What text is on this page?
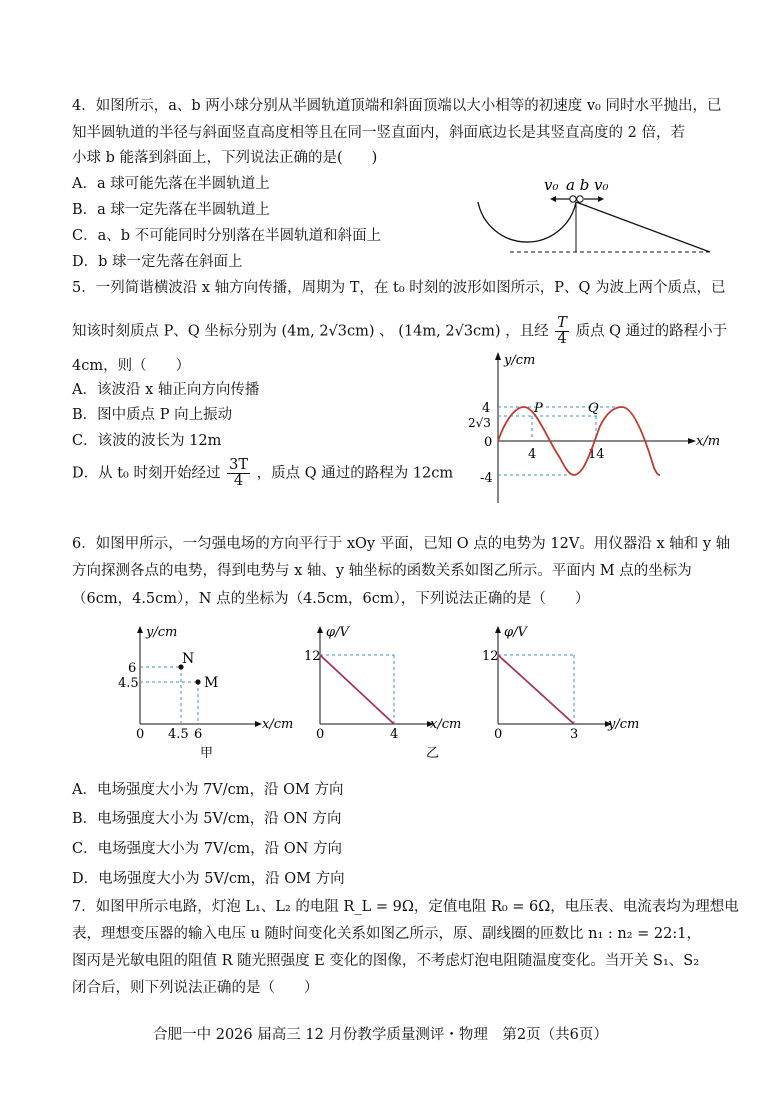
4．如图所示，a、b 两小球分别从半圆轨道顶端和斜面顶端以大小相等的初速度 v₀ 同时水平抛出，已
知半圆轨道的半径与斜面竖直高度相等且在同一竖直面内，斜面底边长是其竖直高度的 2 倍，若
小球 b 能落到斜面上，下列说法正确的是(　　)
A．a 球可能先落在半圆轨道上
B．a 球一定先落在半圆轨道上
C．a、b 不可能同时分别落在半圆轨道和斜面上
D．b 球一定先落在斜面上
v₀ a b v₀
5．一列简谐横波沿 x 轴方向传播，周期为 T，在 t₀ 时刻的波形如图所示，P、Q 为波上两个质点，已
知该时刻质点 P、Q 坐标分别为 (4m, 2√3cm) 、 (14m, 2√3cm) ，且经 $\frac{T}{4}$ 质点 Q 通过的路程小于
4cm，则（　　）
A．该波沿 x 轴正向方向传播
B．图中质点 P 向上振动
C．该波的波长为 12m
D．从 t₀ 时刻开始经过 $\frac{3T}{4}$ ，质点 Q 通过的路程为 12cm
y/cm
x/m
4
2√3
0
-4
4	14
P	Q
6．如图甲所示，一匀强电场的方向平行于 xOy 平面，已知 O 点的电势为 12V。用仪器沿 x 轴和 y 轴
方向探测各点的电势，得到电势与 x 轴、y 轴坐标的函数关系如图乙所示。平面内 M 点的坐标为
（6cm，4.5cm），N 点的坐标为（4.5cm，6cm），下列说法正确的是（　　）
y/cm
x/cm
N
M
6
4.5
0 4.5 6
甲
φ/V
x/cm
12
0	4
乙
φ/V
y/cm
12
0	3
A．电场强度大小为 7V/cm，沿 OM 方向
B．电场强度大小为 5V/cm，沿 ON 方向
C．电场强度大小为 7V/cm，沿 ON 方向
D．电场强度大小为 5V/cm，沿 OM 方向
7．如图甲所示电路，灯泡 L₁、L₂ 的电阻 R_L = 9Ω，定值电阻 R₀ = 6Ω，电压表、电流表均为理想电
表，理想变压器的输入电压 u 随时间变化关系如图乙所示，原、副线圈的匝数比 n₁ : n₂ = 22:1，
图丙是光敏电阻的阻值 R 随光照强度 E 变化的图像，不考虑灯泡电阻随温度变化。当开关 S₁、S₂
闭合后，则下列说法正确的是（　　）
合肥一中 2026 届高三 12 月份教学质量测评・物理　第2页（共6页）
